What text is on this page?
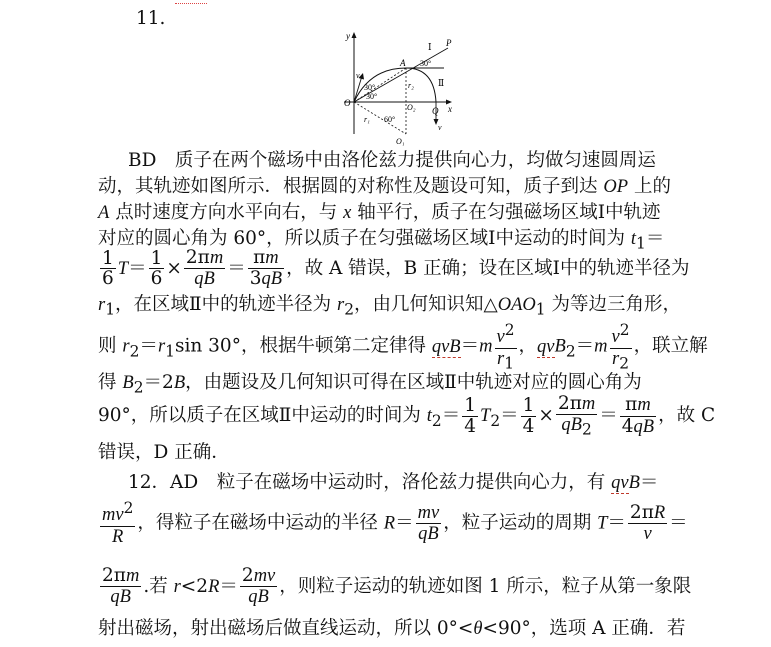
11.
y
x
v
O
A
P
Ⅰ
Ⅱ
30°
30°
30°
r₂
O₂ Q
v
r₁ 60°
O₁
BD　质子在两个磁场中由洛伦兹力提供向心力，均做匀速圆周运
动，其轨迹如图所示．根据圆的对称性及题设可知，质子到达 OP 上的
A 点时速度方向水平向右，与 x 轴平行，质子在匀强磁场区域Ⅰ中轨迹
对应的圆心角为 60°，所以质子在匀强磁场区域Ⅰ中运动的时间为 $t_1=$
$\frac{1}{6} T= \frac{1}{6} \times \frac{2\pi m}{qB} = \frac{\pi m}{3qB}$ ，故 A 错误，B 正确；设在区域Ⅰ中的轨迹半径为
$r_1$，在区域Ⅱ中的轨迹半径为 $r_2$，由几何知识知$\triangle OAO_1$ 为等边三角形，
则 $r_2=r_1\sin$ 30°，根据牛顿第二定律得 $qvB=m \frac{v^2}{r_1}$ ，$qvB_2=m \frac{v^2}{r_2}$ ，联立解
得 $B_2=2B$，由题设及几何知识可得在区域Ⅱ中轨迹对应的圆心角为
90°，所以质子在区域Ⅱ中运动的时间为 $t_2= \frac{1}{4} T_2= \frac{1}{4} \times \frac{2\pi m}{qB_2} = \frac{\pi m}{4qB}$ ，故 C
错误，D 正确．
12．AD　粒子在磁场中运动时，洛伦兹力提供向心力，有 qvB＝
$\frac{mv^2}{R}$ ，得粒子在磁场中运动的半径 $R= \frac{mv}{qB}$ ，粒子运动的周期 $T= \frac{2\pi R}{v}$ ＝
$\frac{2\pi m}{qB}$ .若 $r<2R= \frac{2mv}{qB}$ ，则粒子运动的轨迹如图 1 所示，粒子从第一象限
射出磁场，射出磁场后做直线运动，所以 0°<θ<90°，选项 A 正确．若
